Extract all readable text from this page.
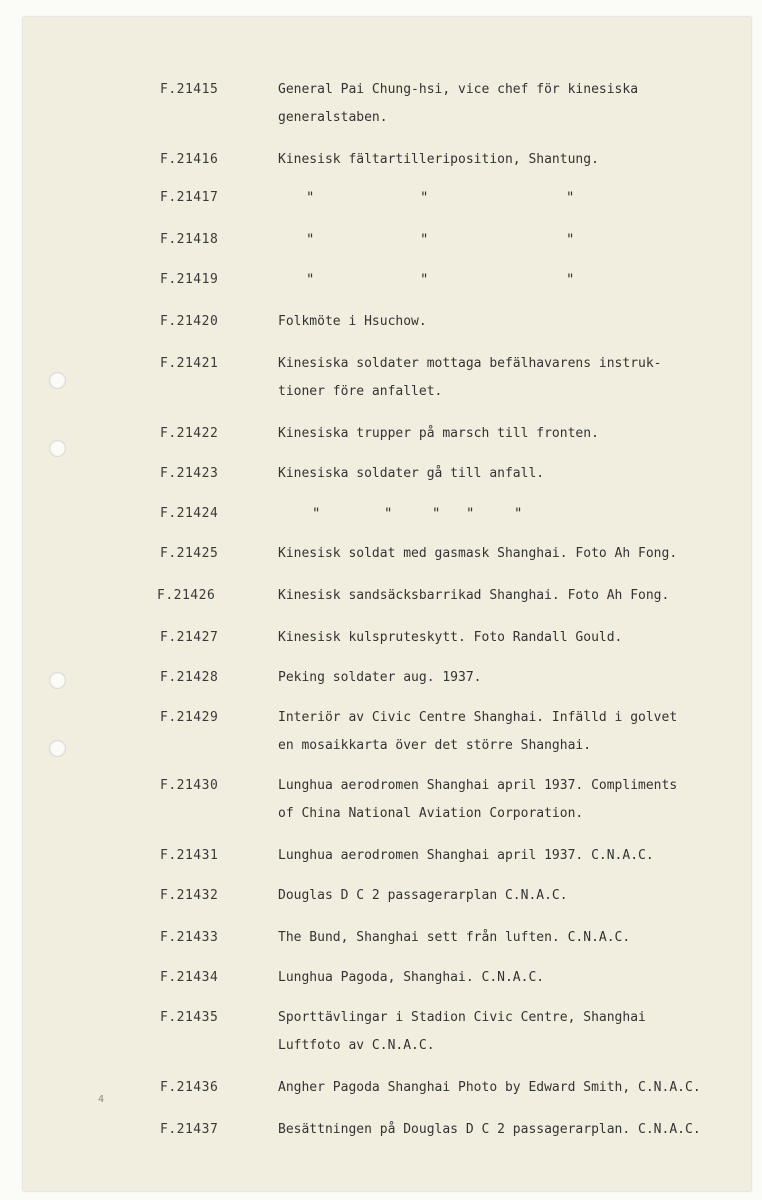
F.21415	General Pai Chung-hsi, vice chef för kinesiska
generalstaben.
F.21416	Kinesisk fältartilleriposition, Shantung.
F.21417	"	"	"
F.21418	"	"	"
F.21419	"	"	"
F.21420	Folkmöte i Hsuchow.
F.21421	Kinesiska soldater mottaga befälhavarens instruk-
tioner före anfallet.
F.21422	Kinesiska trupper på marsch till fronten.
F.21423	Kinesiska soldater gå till anfall.
F.21424	"	"	" "	"
F.21425	Kinesisk soldat med gasmask Shanghai. Foto Ah Fong.
F.21426	Kinesisk sandsäcksbarrikad Shanghai. Foto Ah Fong.
F.21427	Kinesisk kulspruteskytt. Foto Randall Gould.
F.21428	Peking soldater aug. 1937.
F.21429	Interiör av Civic Centre Shanghai. Infälld i golvet
en mosaikkarta över det större Shanghai.
F.21430	Lunghua aerodromen Shanghai april 1937. Compliments
of China National Aviation Corporation.
F.21431	Lunghua aerodromen Shanghai april 1937. C.N.A.C.
F.21432	Douglas D C 2 passagerarplan C.N.A.C.
F.21433	The Bund, Shanghai sett från luften. C.N.A.C.
F.21434	Lunghua Pagoda, Shanghai. C.N.A.C.
F.21435	Sporttävlingar i Stadion Civic Centre, Shanghai
Luftfoto av C.N.A.C.
F.21436	Angher Pagoda Shanghai Photo by Edward Smith, C.N.A.C.
F.21437	Besättningen på Douglas D C 2 passagerarplan. C.N.A.C.
4
